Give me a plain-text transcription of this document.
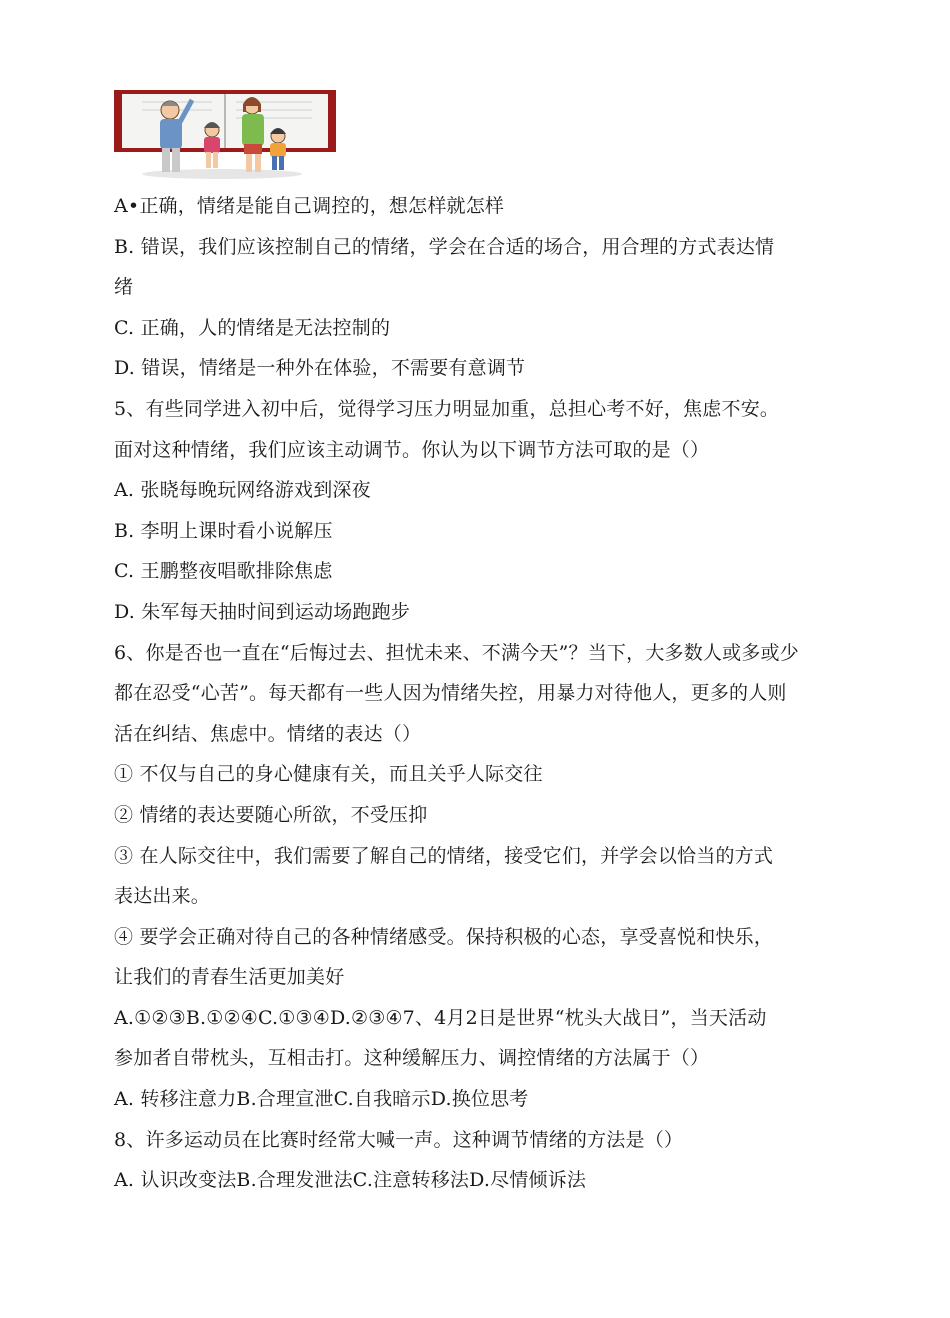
A•正确，情绪是能自己调控的，想怎样就怎样
B. 错误，我们应该控制自己的情绪，学会在合适的场合，用合理的方式表达情
绪
C. 正确，人的情绪是无法控制的
D. 错误，情绪是一种外在体验，不需要有意调节
5、有些同学进入初中后，觉得学习压力明显加重，总担心考不好，焦虑不安。
面对这种情绪，我们应该主动调节。你认为以下调节方法可取的是（）
A. 张晓每晚玩网络游戏到深夜
B. 李明上课时看小说解压
C. 王鹏整夜唱歌排除焦虑
D. 朱军每天抽时间到运动场跑跑步
6、你是否也一直在“后悔过去、担忧未来、不满今天”？当下，大多数人或多或少
都在忍受“心苦”。每天都有一些人因为情绪失控，用暴力对待他人，更多的人则
活在纠结、焦虑中。情绪的表达（）
① 不仅与自己的身心健康有关，而且关乎人际交往
② 情绪的表达要随心所欲，不受压抑
③ 在人际交往中，我们需要了解自己的情绪，接受它们，并学会以恰当的方式
表达出来。
④ 要学会正确对待自己的各种情绪感受。保持积极的心态，享受喜悦和快乐，
让我们的青春生活更加美好
A.①②③B.①②④C.①③④D.②③④7、4月2日是世界“枕头大战日”，当天活动
参加者自带枕头，互相击打。这种缓解压力、调控情绪的方法属于（）
A. 转移注意力B.合理宣泄C.自我暗示D.换位思考
8、许多运动员在比赛时经常大喊一声。这种调节情绪的方法是（）
A. 认识改变法B.合理发泄法C.注意转移法D.尽情倾诉法
